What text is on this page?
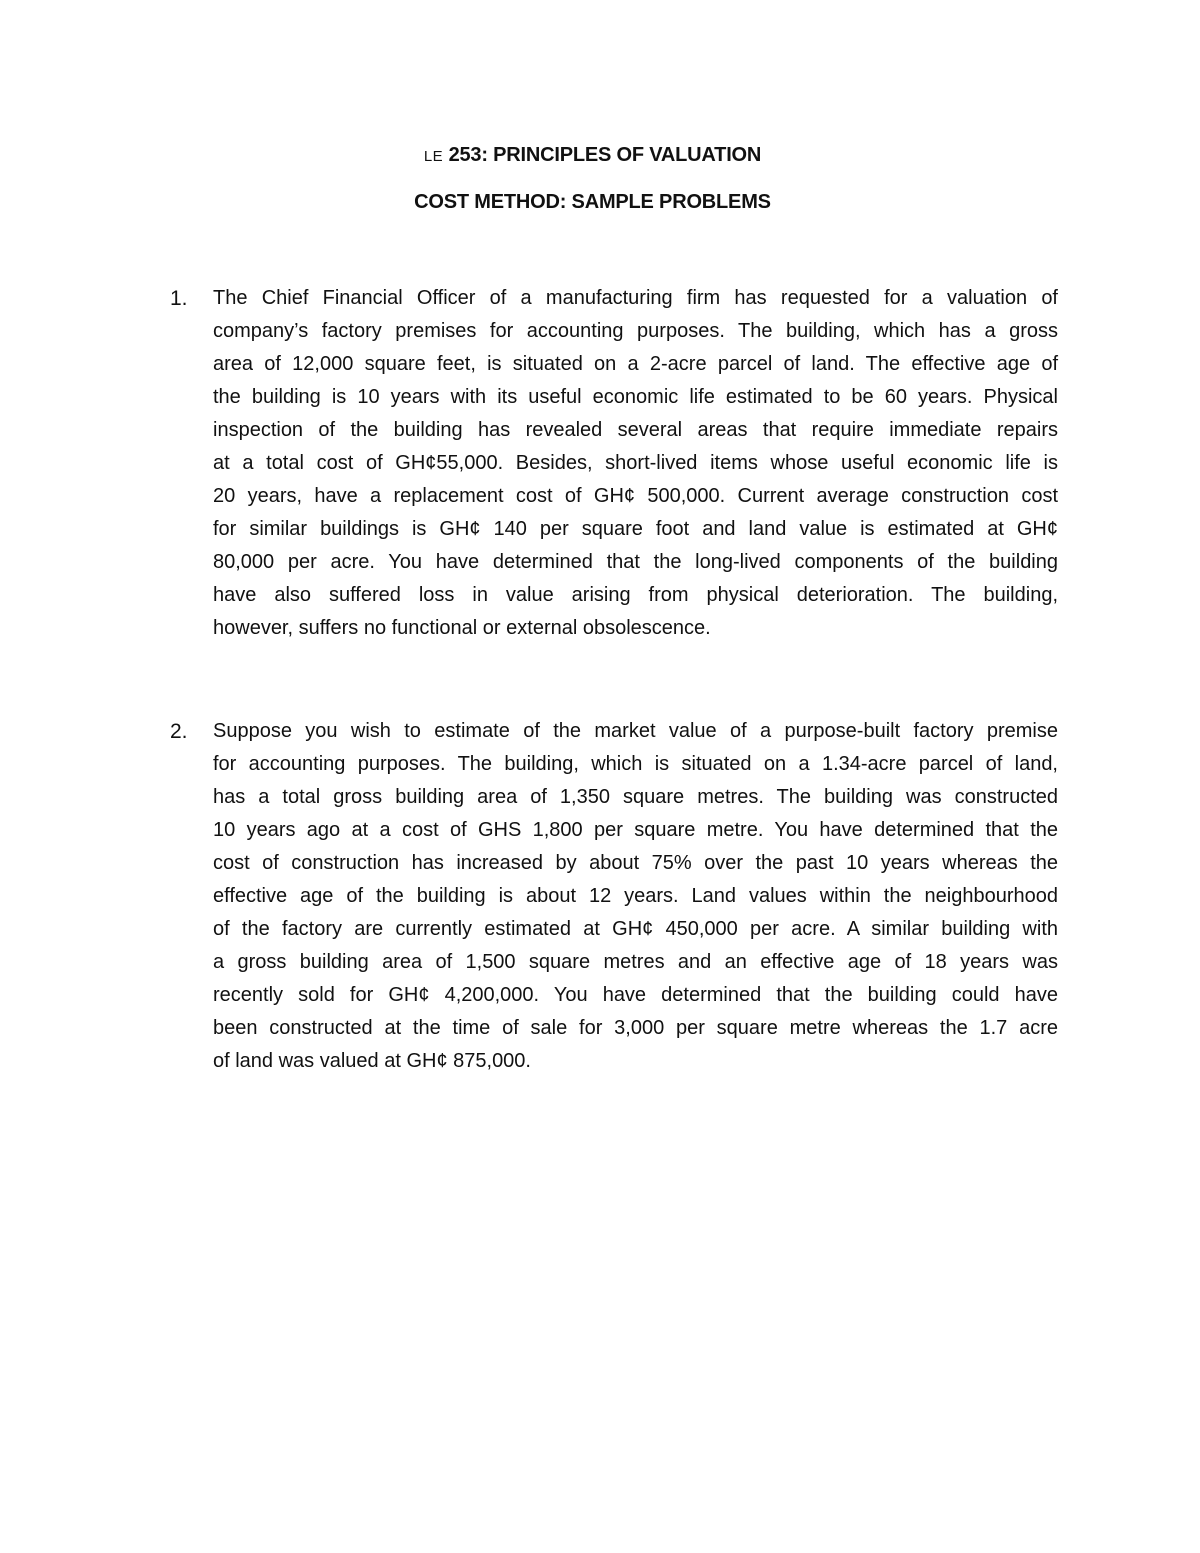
LE 253: PRINCIPLES OF VALUATION
COST METHOD: SAMPLE PROBLEMS
1. The Chief Financial Officer of a manufacturing firm has requested for a valuation of
company’s factory premises for accounting purposes. The building, which has a gross
area of 12,000 square feet, is situated on a 2-acre parcel of land. The effective age of
the building is 10 years with its useful economic life estimated to be 60 years. Physical
inspection of the building has revealed several areas that require immediate repairs
at a total cost of GH¢55,000. Besides, short-lived items whose useful economic life is
20 years, have a replacement cost of GH¢ 500,000. Current average construction cost
for similar buildings is GH¢ 140 per square foot and land value is estimated at GH¢
80,000 per acre. You have determined that the long-lived components of the building
have also suffered loss in value arising from physical deterioration. The building,
however, suffers no functional or external obsolescence.
2. Suppose you wish to estimate of the market value of a purpose-built factory premise
for accounting purposes. The building, which is situated on a 1.34-acre parcel of land,
has a total gross building area of 1,350 square metres. The building was constructed
10 years ago at a cost of GHS 1,800 per square metre. You have determined that the
cost of construction has increased by about 75% over the past 10 years whereas the
effective age of the building is about 12 years. Land values within the neighbourhood
of the factory are currently estimated at GH¢ 450,000 per acre. A similar building with
a gross building area of 1,500 square metres and an effective age of 18 years was
recently sold for GH¢ 4,200,000. You have determined that the building could have
been constructed at the time of sale for 3,000 per square metre whereas the 1.7 acre
of land was valued at GH¢ 875,000.
